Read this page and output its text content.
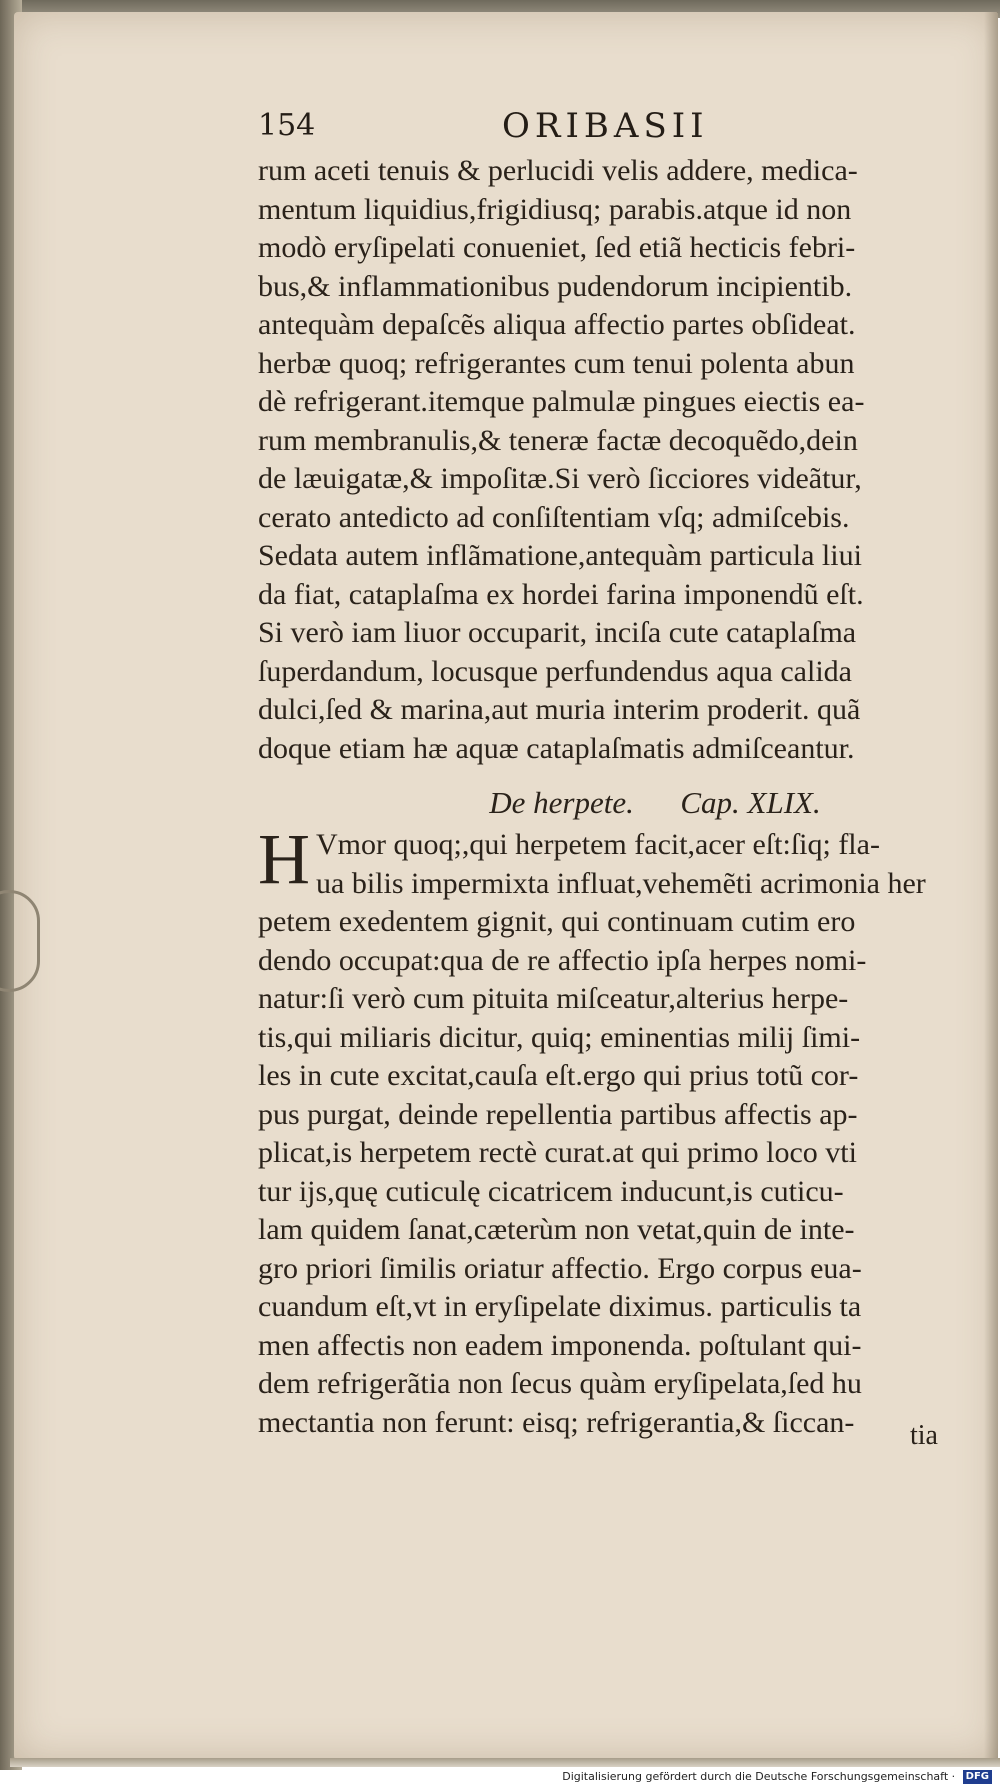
154	ORIBASII
rum aceti tenuis & perlucidi velis addere, medica-
mentum liquidius,frigidiusq; parabis.atque id non
modò eryſipelati conueniet, ſed etiã hecticis febri-
bus,& inflammationibus pudendorum incipientib.
antequàm depaſcẽs aliqua affectio partes obſideat.
herbæ quoq; refrigerantes cum tenui polenta abun
dè refrigerant.itemque palmulæ pingues eiectis ea-
rum membranulis,& teneræ factæ decoquẽdo,dein
de læuigatæ,& impoſitæ.Si verò ſicciores videãtur,
cerato antedicto ad conſiſtentiam vſq; admiſcebis.
Sedata autem inflãmatione,antequàm particula liui
da fiat, cataplaſma ex hordei farina imponendũ eſt.
Si verò iam liuor occuparit, inciſa cute cataplaſma
ſuperdandum, locusque perfundendus aqua calida
dulci,ſed & marina,aut muria interim proderit. quã
doque etiam hæ aquæ cataplaſmatis admiſceantur.
De herpete. Cap. XLIX.
H Vmor quoq;,qui herpetem facit,acer eſt:ſiq; fla-
ua bilis impermixta influat,vehemẽti acrimonia her
petem exedentem gignit, qui continuam cutim ero
dendo occupat:qua de re affectio ipſa herpes nomi-
natur:ſi verò cum pituita miſceatur,alterius herpe-
tis,qui miliaris dicitur, quiq; eminentias milij ſimi-
les in cute excitat,cauſa eſt.ergo qui prius totũ cor-
pus purgat, deinde repellentia partibus affectis ap-
plicat,is herpetem rectè curat.at qui primo loco vti
tur ijs,quę cuticulę cicatricem inducunt,is cuticu-
lam quidem ſanat,cæterùm non vetat,quin de inte-
gro priori ſimilis oriatur affectio. Ergo corpus eua-
cuandum eſt,vt in eryſipelate diximus. particulis ta
men affectis non eadem imponenda. poſtulant qui-
dem refrigerãtia non ſecus quàm eryſipelata,ſed hu
mectantia non ferunt: eisq; refrigerantia,& ſiccan-	tia
Digitalisierung gefördert durch die Deutsche Forschungsgemeinschaft · DFG
